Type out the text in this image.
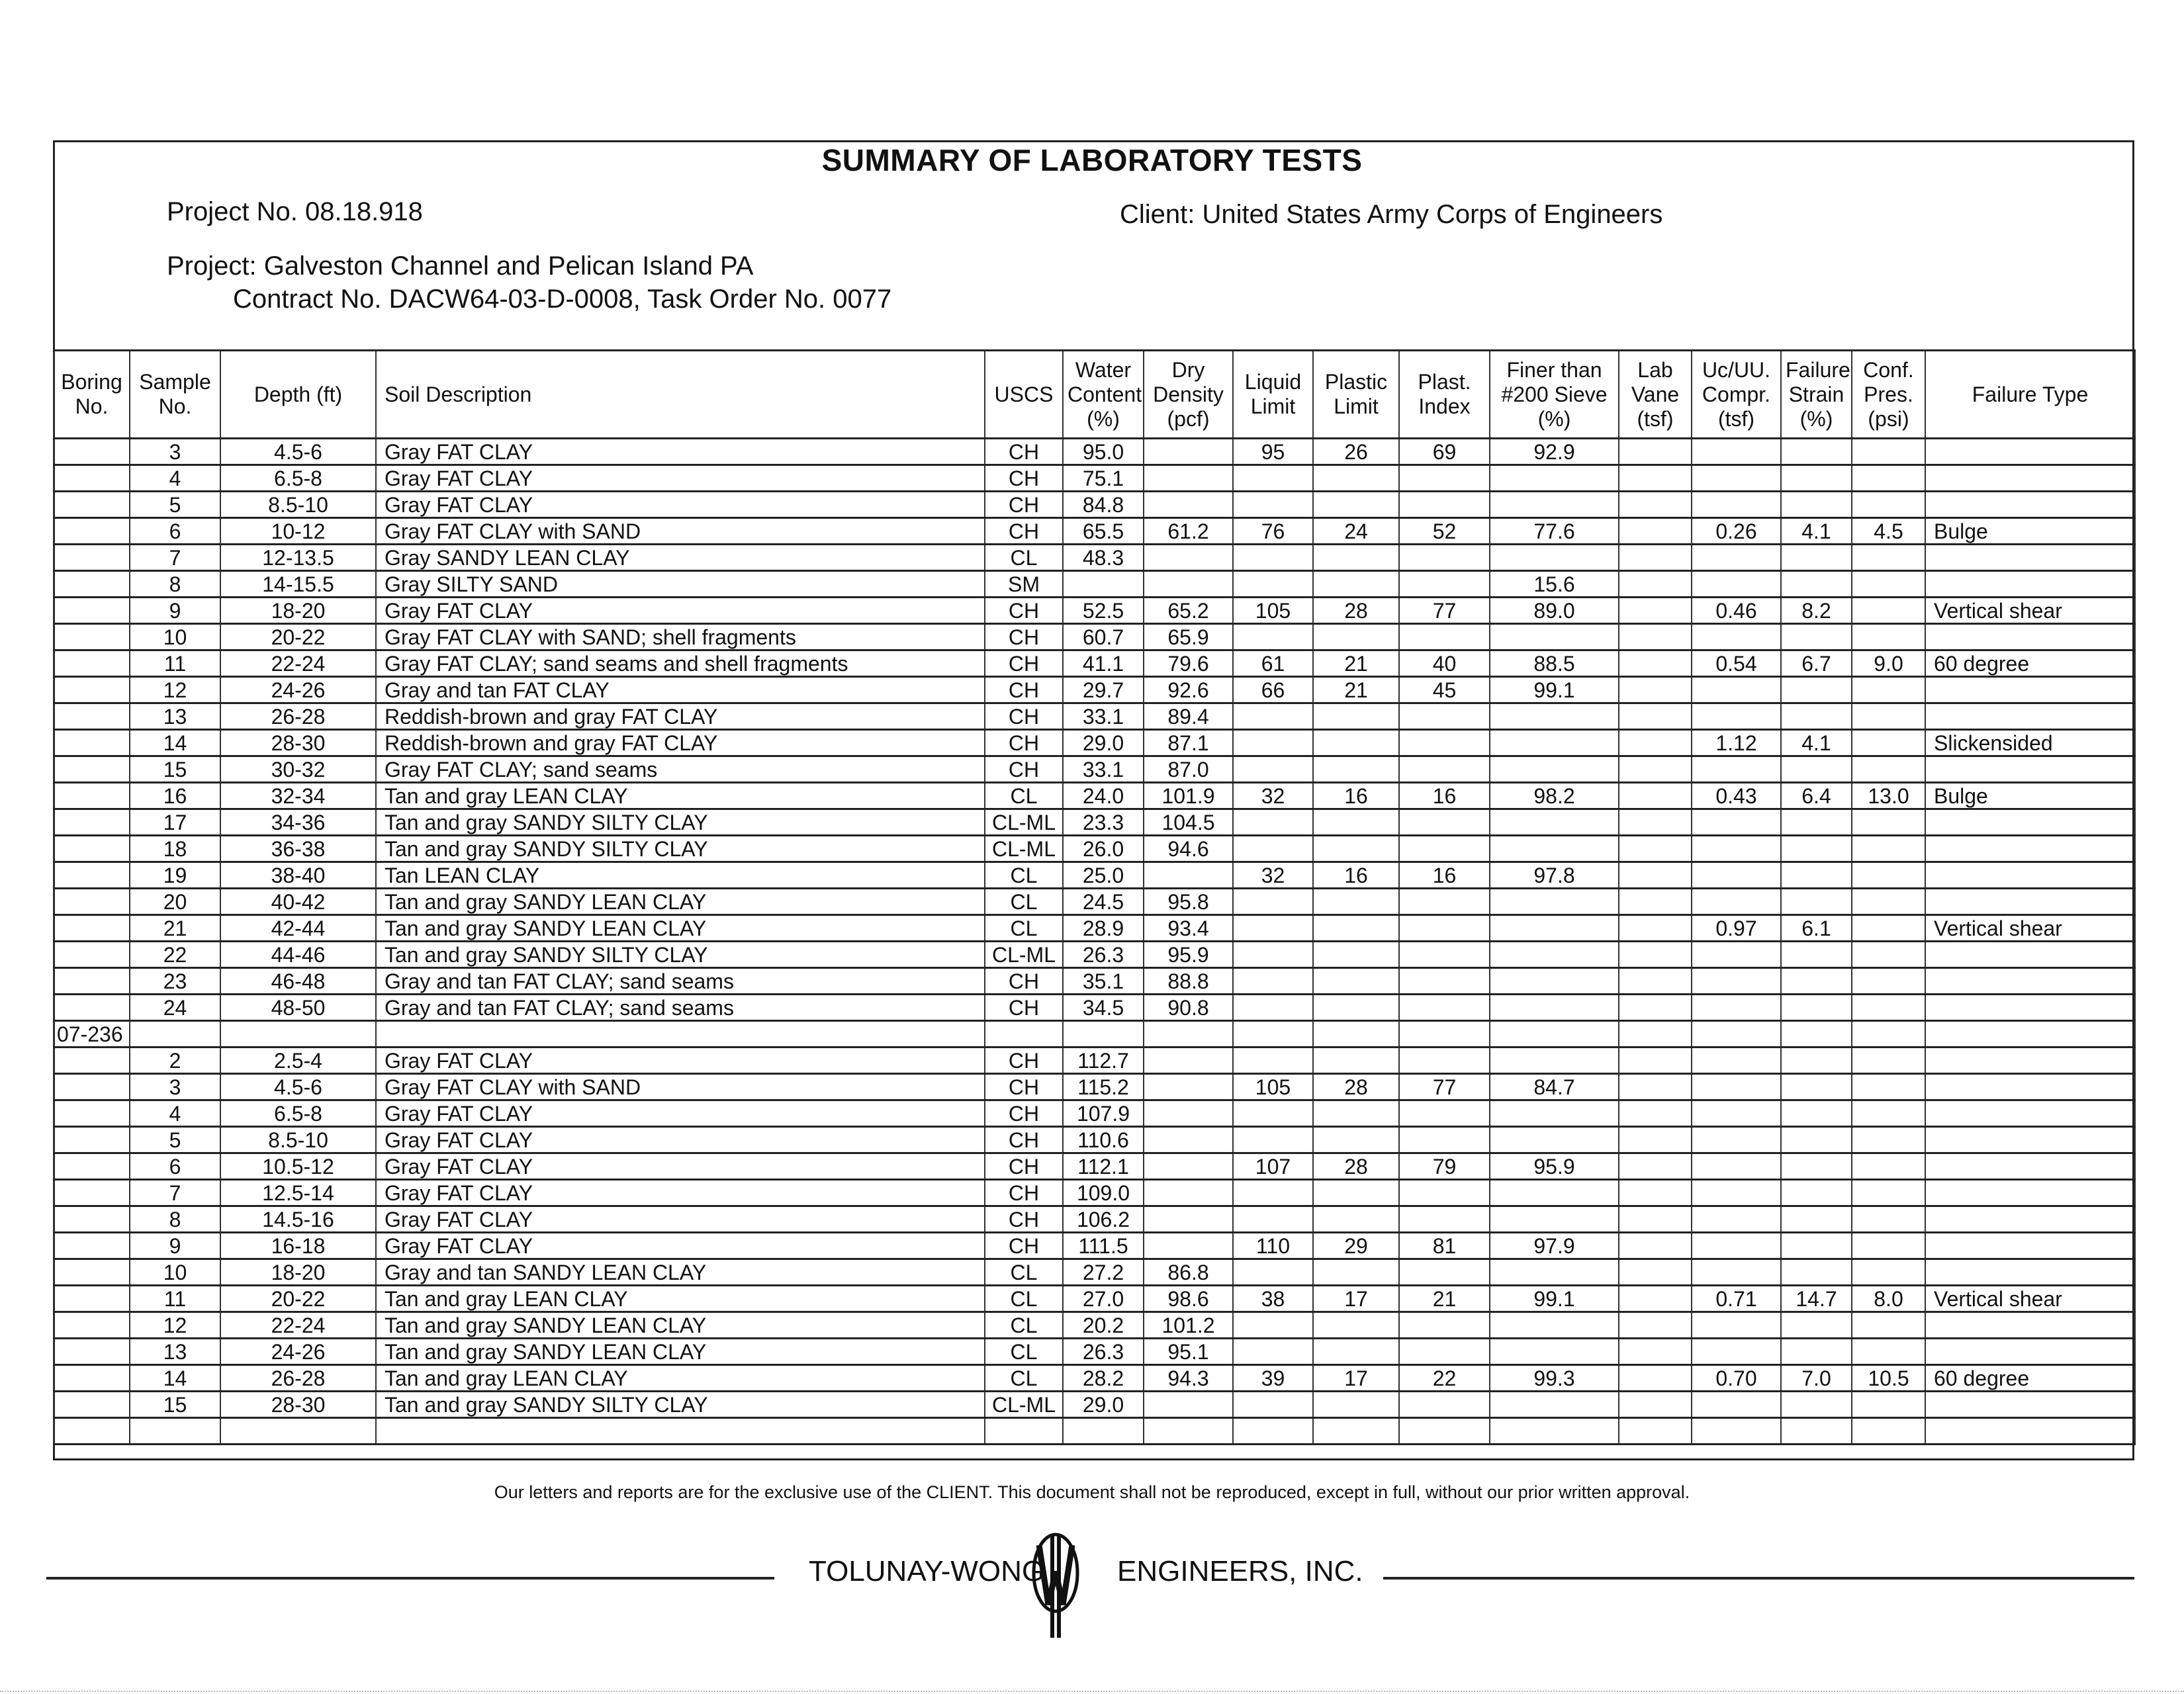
SUMMARY OF LABORATORY TESTS
Project No. 08.18.918	Client: United States Army Corps of Engineers
Project: Galveston Channel and Pelican Island PA
Contract No. DACW64-03-D-0008, Task Order No. 0077
Boring No.	Sample No.	Depth (ft)	Soil Description	USCS	Water Content (%)	Dry Density (pcf)	Liquid Limit	Plastic Limit	Plast. Index	Finer than #200 Sieve (%)	Lab Vane (tsf)	Uc/UU. Compr. (tsf)	Failure Strain (%)	Conf. Pres. (psi)	Failure Type
	3	4.5-6	Gray FAT CLAY	CH	95.0		95	26	69	92.9					
	4	6.5-8	Gray FAT CLAY	CH	75.1										
	5	8.5-10	Gray FAT CLAY	CH	84.8										
	6	10-12	Gray FAT CLAY with SAND	CH	65.5	61.2	76	24	52	77.6		0.26	4.1	4.5	Bulge
	7	12-13.5	Gray SANDY LEAN CLAY	CL	48.3										
	8	14-15.5	Gray SILTY SAND	SM						15.6					
	9	18-20	Gray FAT CLAY	CH	52.5	65.2	105	28	77	89.0		0.46	8.2		Vertical shear
	10	20-22	Gray FAT CLAY with SAND; shell fragments	CH	60.7	65.9									
	11	22-24	Gray FAT CLAY; sand seams and shell fragments	CH	41.1	79.6	61	21	40	88.5		0.54	6.7	9.0	60 degree
	12	24-26	Gray and tan FAT CLAY	CH	29.7	92.6	66	21	45	99.1					
	13	26-28	Reddish-brown and gray FAT CLAY	CH	33.1	89.4									
	14	28-30	Reddish-brown and gray FAT CLAY	CH	29.0	87.1						1.12	4.1		Slickensided
	15	30-32	Gray FAT CLAY; sand seams	CH	33.1	87.0									
	16	32-34	Tan and gray LEAN CLAY	CL	24.0	101.9	32	16	16	98.2		0.43	6.4	13.0	Bulge
	17	34-36	Tan and gray SANDY SILTY CLAY	CL-ML	23.3	104.5									
	18	36-38	Tan and gray SANDY SILTY CLAY	CL-ML	26.0	94.6									
	19	38-40	Tan LEAN CLAY	CL	25.0		32	16	16	97.8					
	20	40-42	Tan and gray SANDY LEAN CLAY	CL	24.5	95.8									
	21	42-44	Tan and gray SANDY LEAN CLAY	CL	28.9	93.4						0.97	6.1		Vertical shear
	22	44-46	Tan and gray SANDY SILTY CLAY	CL-ML	26.3	95.9									
	23	46-48	Gray and tan FAT CLAY; sand seams	CH	35.1	88.8									
	24	48-50	Gray and tan FAT CLAY; sand seams	CH	34.5	90.8									
07-236															
	2	2.5-4	Gray FAT CLAY	CH	112.7										
	3	4.5-6	Gray FAT CLAY with SAND	CH	115.2		105	28	77	84.7					
	4	6.5-8	Gray FAT CLAY	CH	107.9										
	5	8.5-10	Gray FAT CLAY	CH	110.6										
	6	10.5-12	Gray FAT CLAY	CH	112.1		107	28	79	95.9					
	7	12.5-14	Gray FAT CLAY	CH	109.0										
	8	14.5-16	Gray FAT CLAY	CH	106.2										
	9	16-18	Gray FAT CLAY	CH	111.5		110	29	81	97.9					
	10	18-20	Gray and tan SANDY LEAN CLAY	CL	27.2	86.8									
	11	20-22	Tan and gray LEAN CLAY	CL	27.0	98.6	38	17	21	99.1		0.71	14.7	8.0	Vertical shear
	12	22-24	Tan and gray SANDY LEAN CLAY	CL	20.2	101.2									
	13	24-26	Tan and gray SANDY LEAN CLAY	CL	26.3	95.1									
	14	26-28	Tan and gray LEAN CLAY	CL	28.2	94.3	39	17	22	99.3		0.70	7.0	10.5	60 degree
	15	28-30	Tan and gray SANDY SILTY CLAY	CL-ML	29.0										

Our letters and reports are for the exclusive use of the CLIENT. This document shall not be reproduced, except in full, without our prior written approval.
TOLUNAY-WONG ENGINEERS, INC.
